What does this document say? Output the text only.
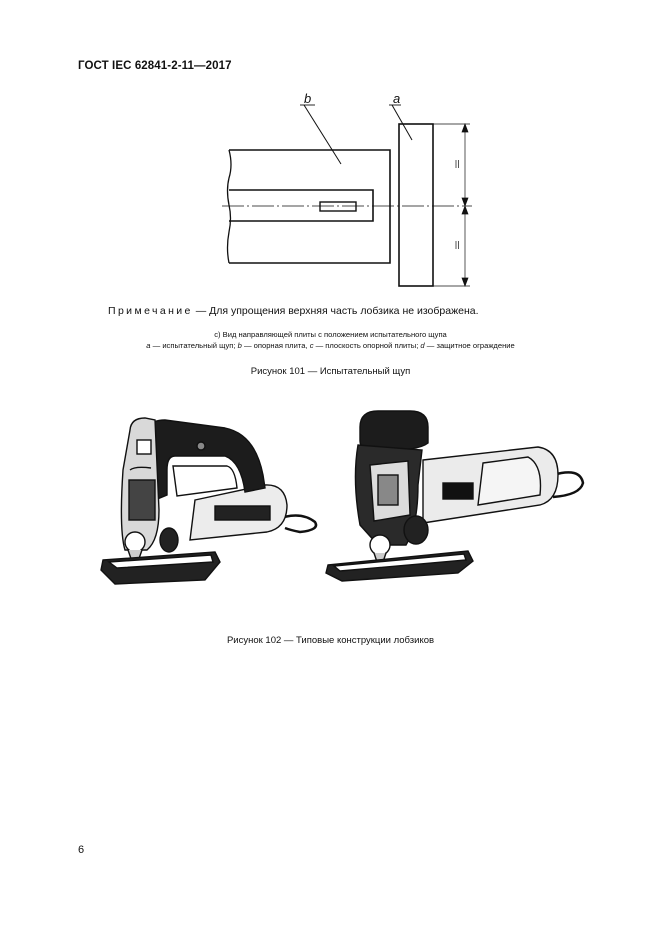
ГОСТ IEC 62841-2-11—2017
b	a
Примечание — Для упрощения верхняя часть лобзика не изображена.
с) Вид направляющей плиты с положением испытательного щупа
a — испытательный щуп; b — опорная плита, c — плоскость опорной плиты; d — защитное ограждение
Рисунок 101 — Испытательный щуп
Рисунок 102 — Типовые конструкции лобзиков
6
